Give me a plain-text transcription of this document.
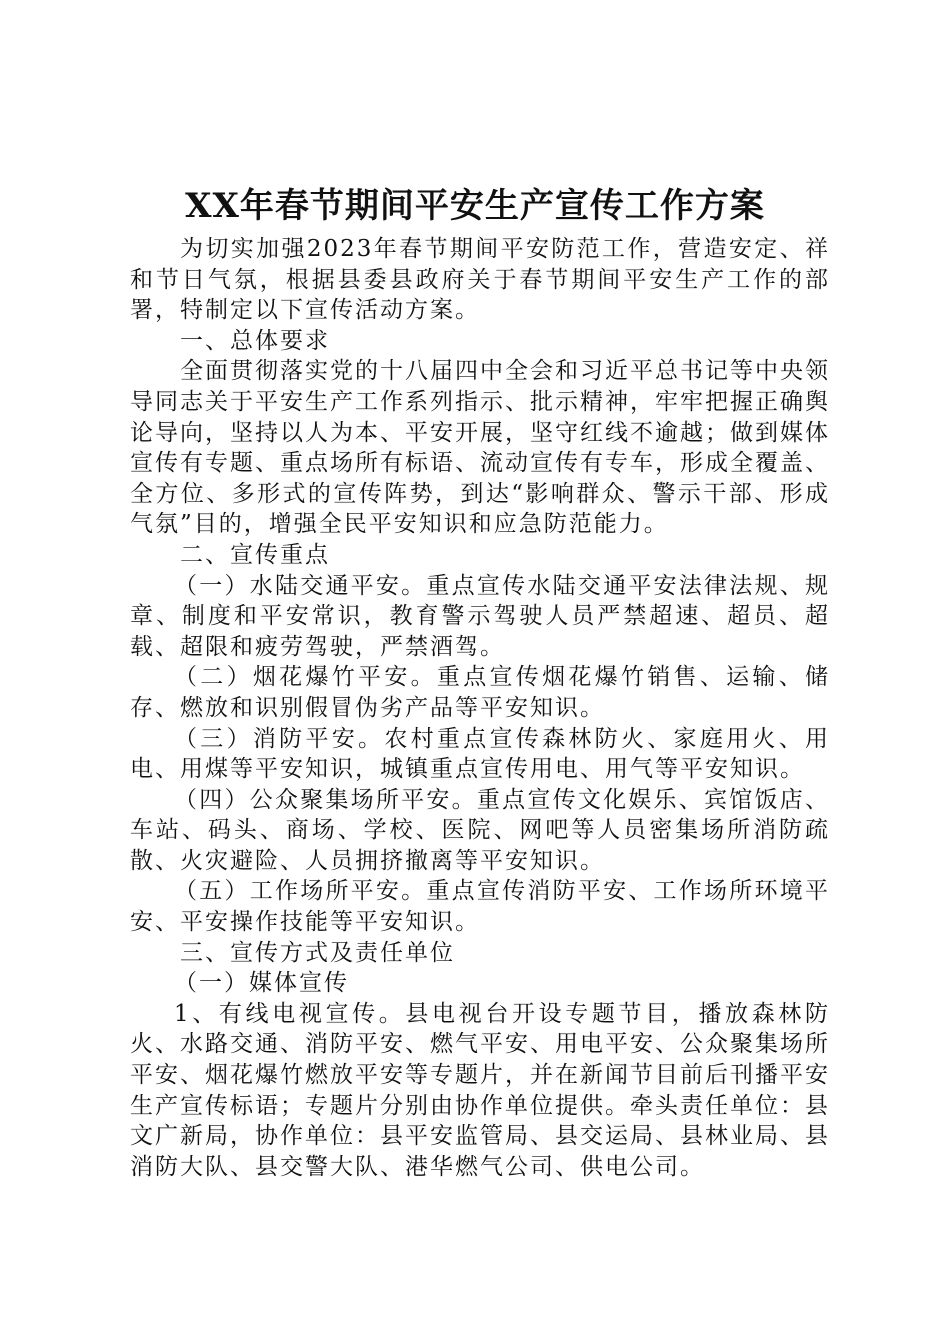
XX年春节期间平安生产宣传工作方案

为切实加强2023年春节期间平安防范工作，营造安定、祥和节日气氛，根据县委县政府关于春节期间平安生产工作的部署，特制定以下宣传活动方案。

一、总体要求

全面贯彻落实党的十八届四中全会和习近平总书记等中央领导同志关于平安生产工作系列指示、批示精神，牢牢把握正确舆论导向，坚持以人为本、平安开展，坚守红线不逾越；做到媒体宣传有专题、重点场所有标语、流动宣传有专车，形成全覆盖、全方位、多形式的宣传阵势，到达“影响群众、警示干部、形成气氛”目的，增强全民平安知识和应急防范能力。

二、宣传重点

（一）水陆交通平安。重点宣传水陆交通平安法律法规、规章、制度和平安常识，教育警示驾驶人员严禁超速、超员、超载、超限和疲劳驾驶，严禁酒驾。

（二）烟花爆竹平安。重点宣传烟花爆竹销售、运输、储存、燃放和识别假冒伪劣产品等平安知识。

（三）消防平安。农村重点宣传森林防火、家庭用火、用电、用煤等平安知识，城镇重点宣传用电、用气等平安知识。

（四）公众聚集场所平安。重点宣传文化娱乐、宾馆饭店、车站、码头、商场、学校、医院、网吧等人员密集场所消防疏散、火灾避险、人员拥挤撤离等平安知识。

（五）工作场所平安。重点宣传消防平安、工作场所环境平安、平安操作技能等平安知识。

三、宣传方式及责任单位

（一）媒体宣传

1、有线电视宣传。县电视台开设专题节目，播放森林防火、水路交通、消防平安、燃气平安、用电平安、公众聚集场所平安、烟花爆竹燃放平安等专题片，并在新闻节目前后刊播平安生产宣传标语；专题片分别由协作单位提供。牵头责任单位：县文广新局，协作单位：县平安监管局、县交运局、县林业局、县消防大队、县交警大队、港华燃气公司、供电公司。
